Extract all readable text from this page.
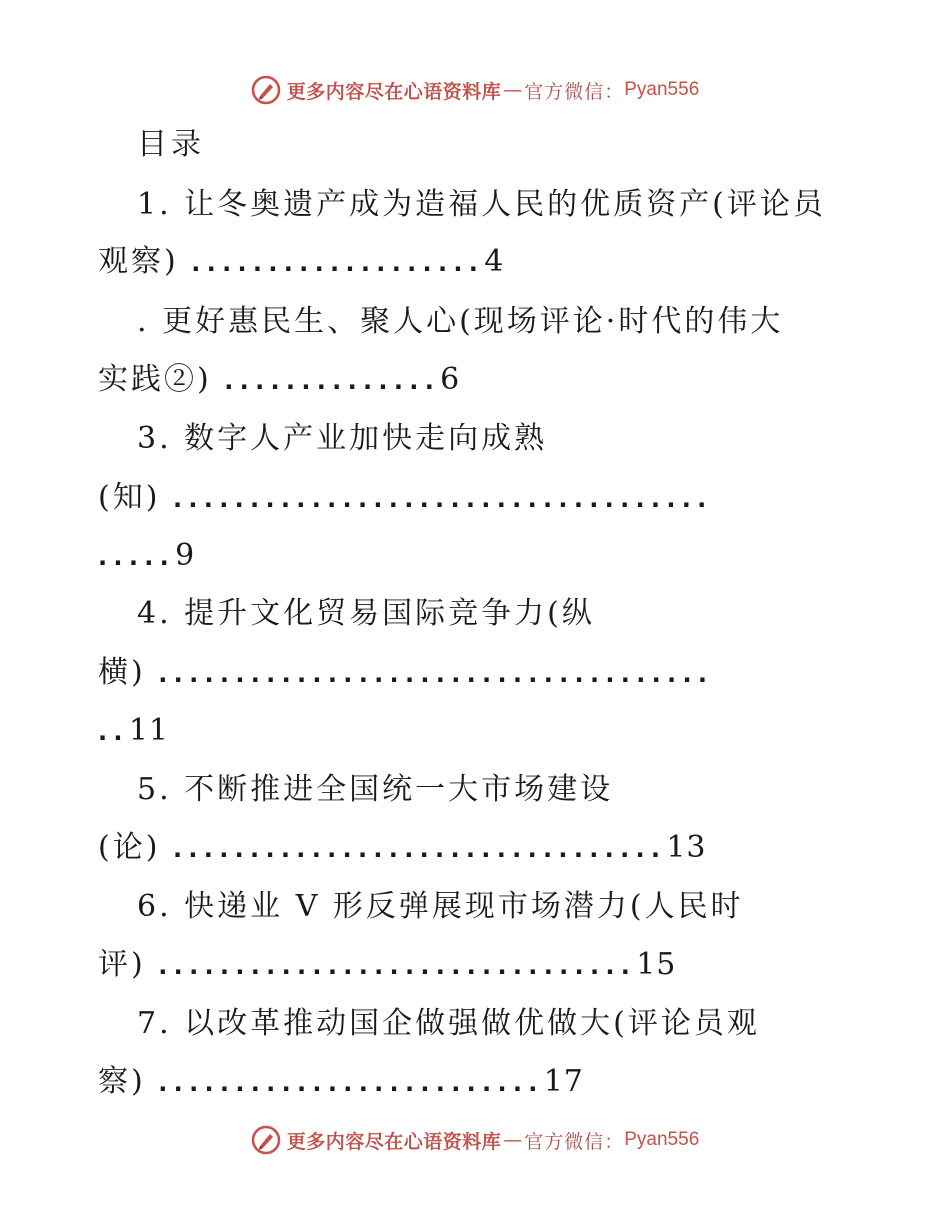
更多内容尽在心语资料库 — 官方微信： Pyan556
目录
1. 让冬奥遗产成为造福人民的优质资产(评论员
观察) ...................4
. 更好惠民生、聚人心(现场评论·时代的伟大
实践②) ..............6
3. 数字人产业加快走向成熟
(知) ...................................
.....9
4. 提升文化贸易国际竞争力(纵
横) ....................................
..11
5. 不断推进全国统一大市场建设
(论) ................................13
6. 快递业 V 形反弹展现市场潜力(人民时
评) ...............................15
7. 以改革推动国企做强做优做大(评论员观
察) .........................17
更多内容尽在心语资料库 — 官方微信： Pyan556
